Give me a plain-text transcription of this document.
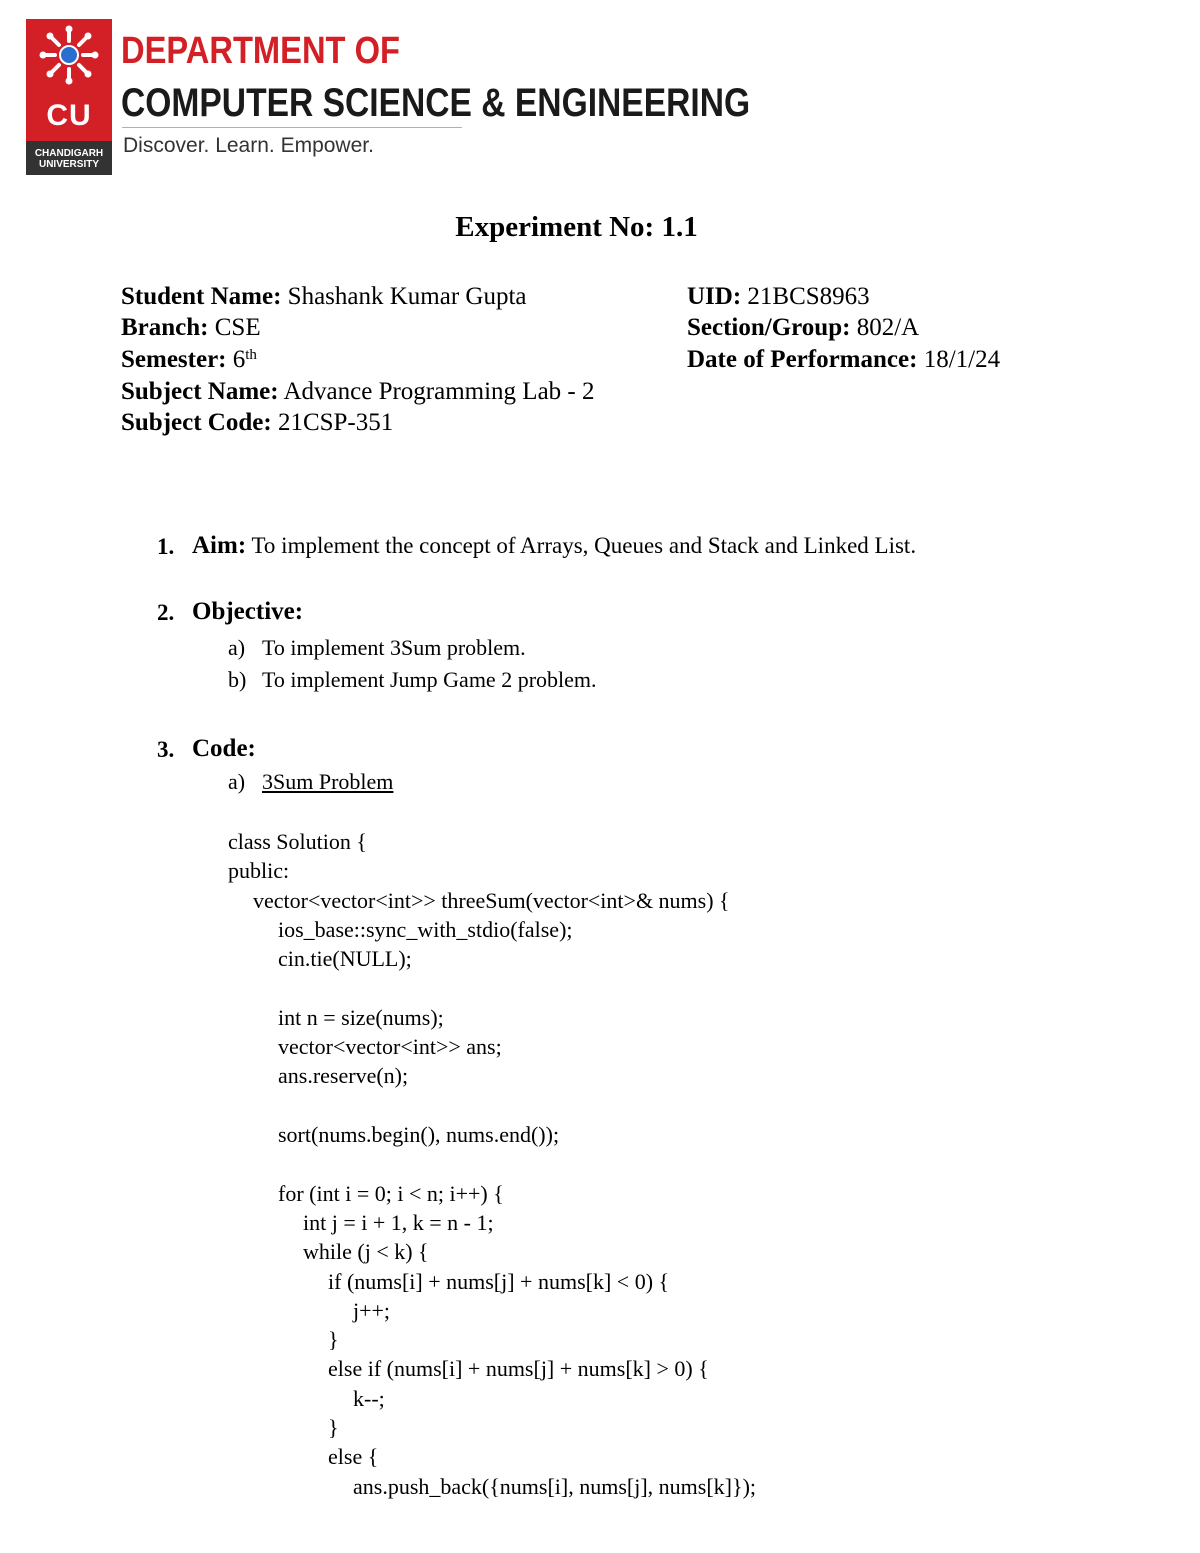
CU
CHANDIGARH
UNIVERSITY
DEPARTMENT OF
COMPUTER SCIENCE & ENGINEERING
Discover. Learn. Empower.
Experiment No: 1.1
Student Name: Shashank Kumar Gupta	UID: 21BCS8963
Branch: CSE	Section/Group: 802/A
Semester: 6th	Date of Performance: 18/1/24
Subject Name: Advance Programming Lab - 2
Subject Code: 21CSP-351
1. Aim: To implement the concept of Arrays, Queues and Stack and Linked List.
2. Objective:
a) To implement 3Sum problem.
b) To implement Jump Game 2 problem.
3. Code:
a) 3Sum Problem
class Solution {
public:
vector<vector<int>> threeSum(vector<int>& nums) {
ios_base::sync_with_stdio(false);
cin.tie(NULL);
int n = size(nums);
vector<vector<int>> ans;
ans.reserve(n);
sort(nums.begin(), nums.end());
for (int i = 0; i < n; i++) {
int j = i + 1, k = n - 1;
while (j < k) {
if (nums[i] + nums[j] + nums[k] < 0) {
j++;
}
else if (nums[i] + nums[j] + nums[k] > 0) {
k--;
}
else {
ans.push_back({nums[i], nums[j], nums[k]});
